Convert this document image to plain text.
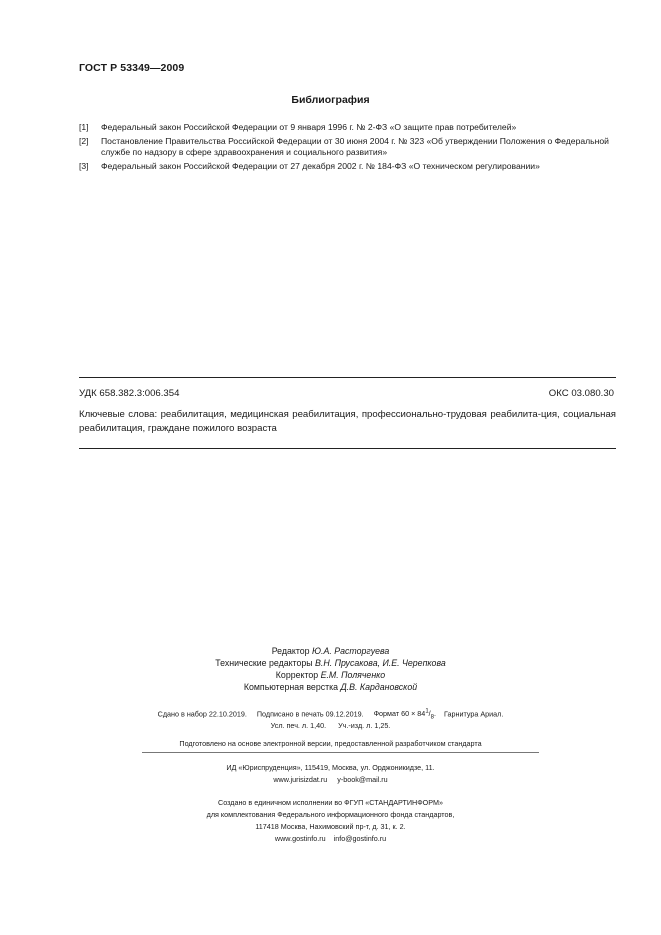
ГОСТ Р 53349—2009
Библиография
[1] Федеральный закон Российской Федерации от 9 января 1996 г. № 2-ФЗ «О защите прав потребителей»
[2] Постановление Правительства Российской Федерации от 30 июня 2004 г. № 323 «Об утверждении Положения о Федеральной службе по надзору в сфере здравоохранения и социального развития»
[3] Федеральный закон Российской Федерации от 27 декабря 2002 г. № 184-ФЗ «О техническом регулировании»
УДК 658.382.3:006.354	ОКС 03.080.30
Ключевые слова: реабилитация, медицинская реабилитация, профессионально-трудовая реабилита-ция, социальная реабилитация, граждане пожилого возраста
Редактор Ю.А. Расторгуева
Технические редакторы В.Н. Прусакова, И.Е. Черепкова
Корректор Е.М. Поляченко
Компьютерная верстка Д.В. Кардановской
Сдано в набор 22.10.2019. Подписано в печать 09.12.2019. Формат $60 \times 84^1/_8$. Гарнитура Ариал.
Усл. печ. л. 1,40. Уч.-изд. л. 1,25.
Подготовлено на основе электронной версии, предоставленной разработчиком стандарта
ИД «Юриспруденция», 115419, Москва, ул. Орджоникидзе, 11.
www.jurisizdat.ru y-book@mail.ru
Создано в единичном исполнении во ФГУП «СТАНДАРТИНФОРМ»
для комплектования Федерального информационного фонда стандартов,
117418 Москва, Нахимовский пр-т, д. 31, к. 2.
www.gostinfo.ru info@gostinfo.ru
